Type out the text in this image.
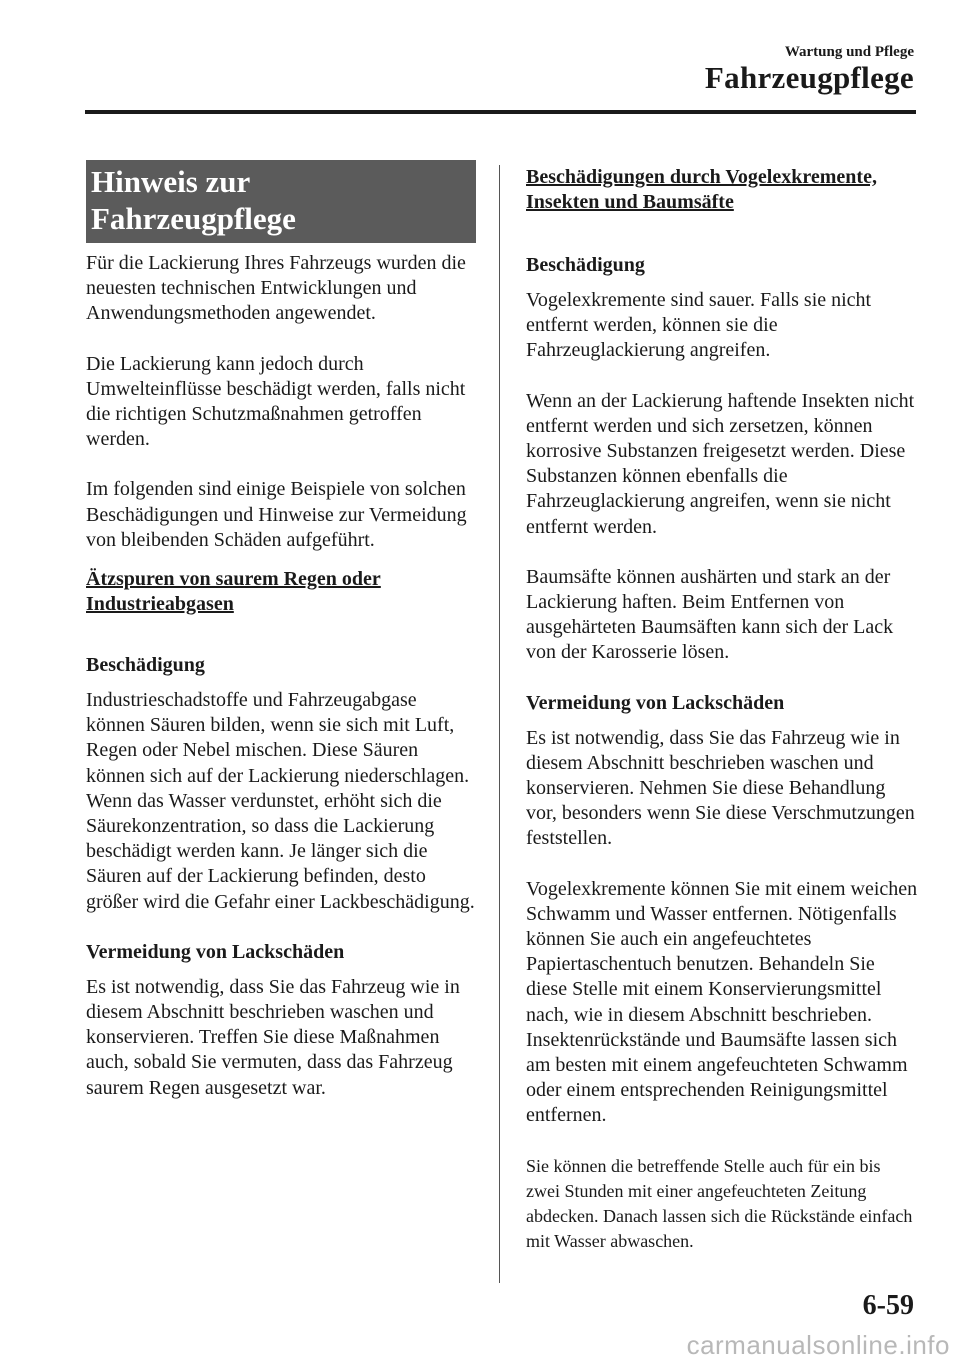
Wartung und Pflege
Fahrzeugpflege
Hinweis zur
Fahrzeugpflege

Für die Lackierung Ihres Fahrzeugs wurden die neuesten technischen Entwicklungen und Anwendungsmethoden angewendet.

Die Lackierung kann jedoch durch Umwelteinflüsse beschädigt werden, falls nicht die richtigen Schutzmaßnahmen getroffen werden.

Im folgenden sind einige Beispiele von solchen Beschädigungen und Hinweise zur Vermeidung von bleibenden Schäden aufgeführt.

Ätzspuren von saurem Regen oder
Industrieabgasen
Beschädigung

Industrieschadstoffe und Fahrzeugabgase können Säuren bilden, wenn sie sich mit Luft, Regen oder Nebel mischen. Diese Säuren können sich auf der Lackierung niederschlagen. Wenn das Wasser verdunstet, erhöht sich die Säurekonzentration, so dass die Lackierung beschädigt werden kann. Je länger sich die Säuren auf der Lackierung befinden, desto größer wird die Gefahr einer Lackbeschädigung.

Vermeidung von Lackschäden

Es ist notwendig, dass Sie das Fahrzeug wie in diesem Abschnitt beschrieben waschen und konservieren. Treffen Sie diese Maßnahmen auch, sobald Sie vermuten, dass das Fahrzeug saurem Regen ausgesetzt war.

Beschädigungen durch Vogelexkremente,
Insekten und Baumsäfte
Beschädigung

Vogelexkremente sind sauer. Falls sie nicht entfernt werden, können sie die Fahrzeuglackierung angreifen.

Wenn an der Lackierung haftende Insekten nicht entfernt werden und sich zersetzen, können korrosive Substanzen freigesetzt werden. Diese Substanzen können ebenfalls die Fahrzeuglackierung angreifen, wenn sie nicht entfernt werden.

Baumsäfte können aushärten und stark an der Lackierung haften. Beim Entfernen von ausgehärteten Baumsäften kann sich der Lack von der Karosserie lösen.

Vermeidung von Lackschäden

Es ist notwendig, dass Sie das Fahrzeug wie in diesem Abschnitt beschrieben waschen und konservieren. Nehmen Sie diese Behandlung vor, besonders wenn Sie diese Verschmutzungen feststellen.

Vogelexkremente können Sie mit einem weichen Schwamm und Wasser entfernen. Nötigenfalls können Sie auch ein angefeuchtetes Papiertaschentuch benutzen. Behandeln Sie diese Stelle mit einem Konservierungsmittel nach, wie in diesem Abschnitt beschrieben. Insektenrückstände und Baumsäfte lassen sich am besten mit einem angefeuchteten Schwamm oder einem entsprechenden Reinigungsmittel entfernen.

Sie können die betreffende Stelle auch für ein bis zwei Stunden mit einer angefeuchteten Zeitung abdecken. Danach lassen sich die Rückstände einfach mit Wasser abwaschen.

6-59
carmanualsonline.info
